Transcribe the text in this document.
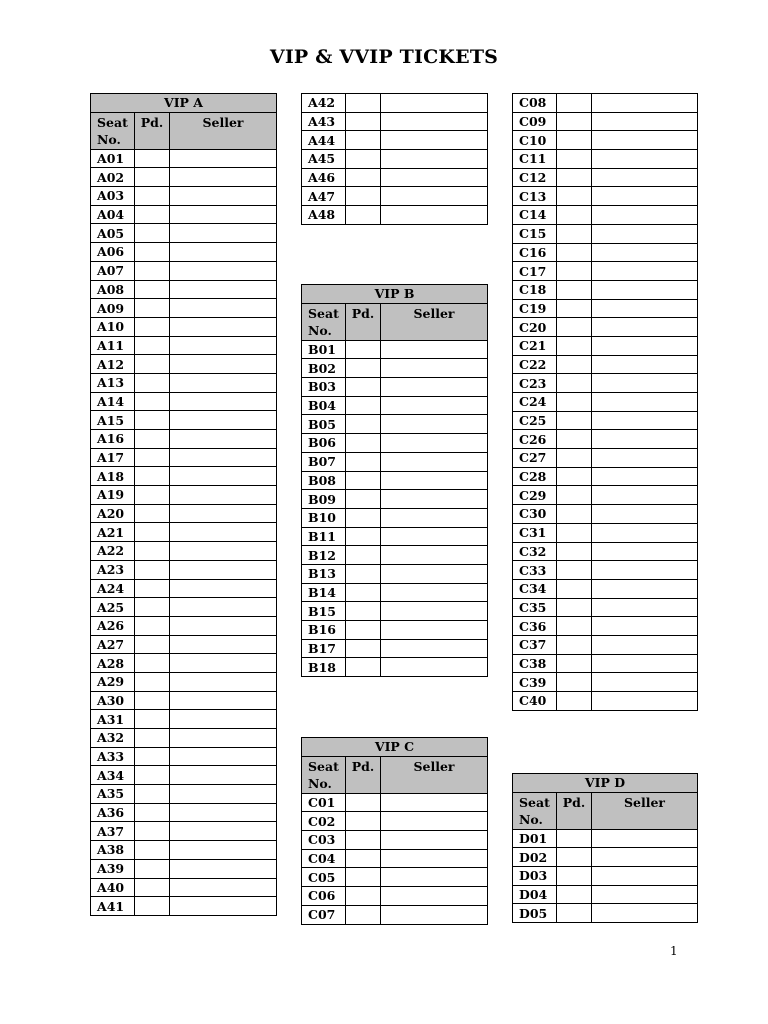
VIP & VVIP TICKETS
VIP A		
Seat No.	Pd.	Seller
A01		
A02		
A03		
A04		
A05		
A06		
A07		
A08		
A09		
A10		
A11		
A12		
A13		
A14		
A15		
A16		
A17		
A18		
A19		
A20		
A21		
A22		
A23		
A24		
A25		
A26		
A27		
A28		
A29		
A30		
A31		
A32		
A33		
A34		
A35		
A36		
A37		
A38		
A39		
A40		
A41		
A42		
A43		
A44		
A45		
A46		
A47		
A48		
VIP B		
Seat No.	Pd.	Seller
B01		
B02		
B03		
B04		
B05		
B06		
B07		
B08		
B09		
B10		
B11		
B12		
B13		
B14		
B15		
B16		
B17		
B18		
VIP C		
Seat No.	Pd.	Seller
C01		
C02		
C03		
C04		
C05		
C06		
C07		
C08		
C09		
C10		
C11		
C12		
C13		
C14		
C15		
C16		
C17		
C18		
C19		
C20		
C21		
C22		
C23		
C24		
C25		
C26		
C27		
C28		
C29		
C30		
C31		
C32		
C33		
C34		
C35		
C36		
C37		
C38		
C39		
C40		
VIP D		
Seat No.	Pd.	Seller
D01		
D02		
D03		
D04		
D05		
1
